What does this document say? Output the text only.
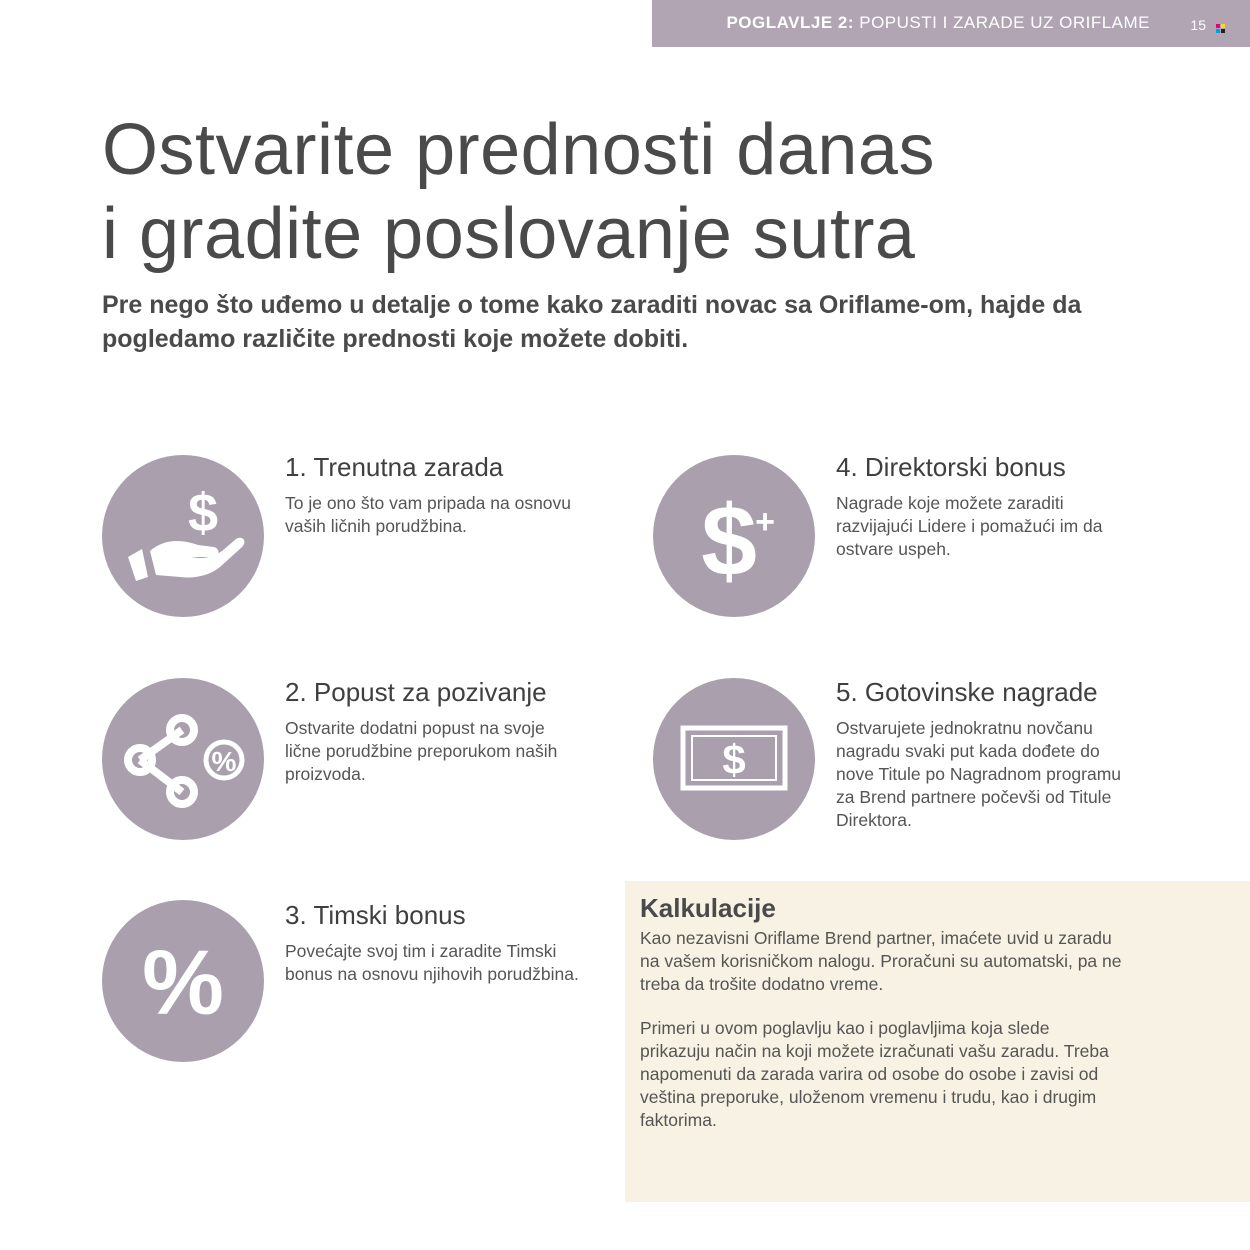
POGLAVLJE 2: POPUSTI I ZARADE UZ ORIFLAME	15
Ostvarite prednosti danas
i gradite poslovanje sutra

Pre nego što uđemo u detalje o tome kako zaraditi novac sa Oriflame-om, hajde da pogledamo različite prednosti koje možete dobiti.

$
1. Trenutna zarada

To je ono što vam pripada na osnovu
vaših ličnih porudžbina.

%
2. Popust za pozivanje

Ostvarite dodatni popust na svoje
lične porudžbine preporukom naših
proizvoda.

%
3. Timski bonus

Povećajte svoj tim i zaradite Timski
bonus na osnovu njihovih porudžbina.

$
+
4. Direktorski bonus

Nagrade koje možete zaraditi
razvijajući Lidere i pomažući im da
ostvare uspeh.

$
5. Gotovinske nagrade

Ostvarujete jednokratnu novčanu
nagradu svaki put kada dođete do
nove Titule po Nagradnom programu
za Brend partnere počevši od Titule
Direktora.

Kalkulacije

Kao nezavisni Oriflame Brend partner, imaćete uvid u zaradu
na vašem korisničkom nalogu. Proračuni su automatski, pa ne
treba da trošite dodatno vreme.

Primeri u ovom poglavlju kao i poglavljima koja slede
prikazuju način na koji možete izračunati vašu zaradu. Treba
napomenuti da zarada varira od osobe do osobe i zavisi od
veština preporuke, uloženom vremenu i trudu, kao i drugim
faktorima.
